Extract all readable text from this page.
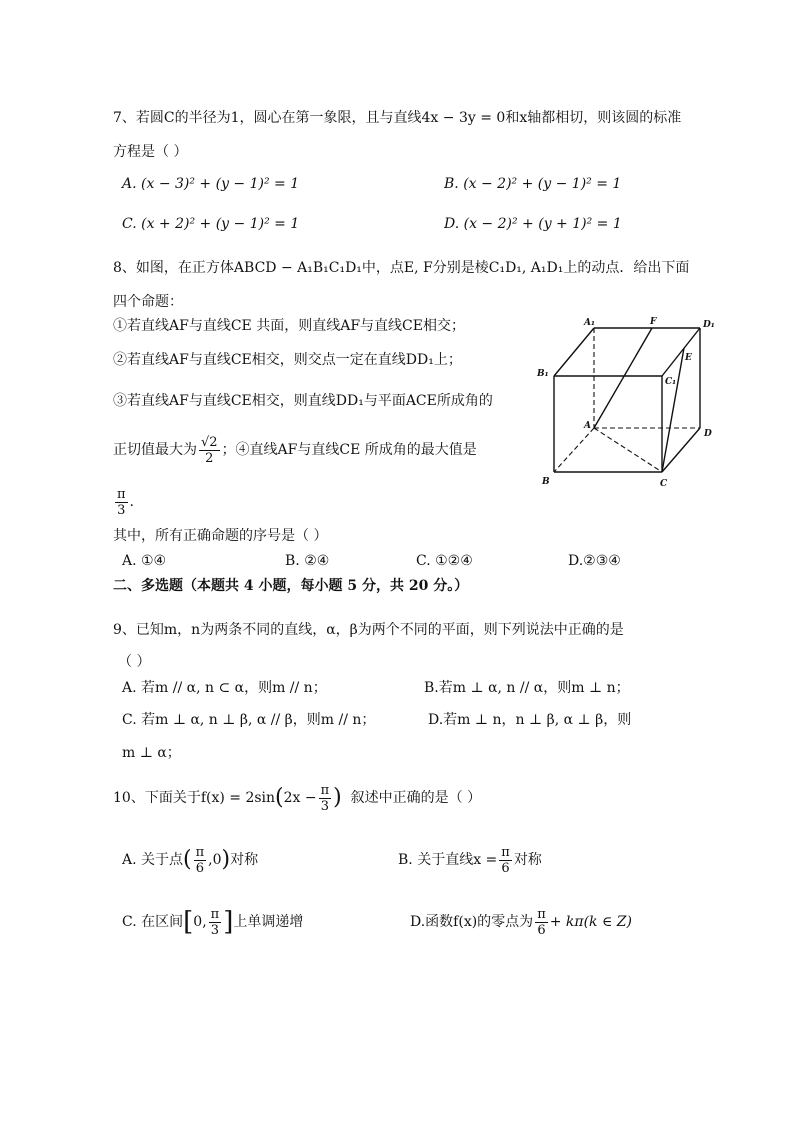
7、若圆C的半径为1，圆心在第一象限，且与直线4x − 3y = 0和x轴都相切，则该圆的标准
方程是（ ）
A. (x − 3)² + (y − 1)² = 1	B. (x − 2)² + (y − 1)² = 1
C. (x + 2)² + (y − 1)² = 1	D. (x − 2)² + (y + 1)² = 1
8、如图，在正方体ABCD − A₁B₁C₁D₁中，点E, F分别是棱C₁D₁, A₁D₁上的动点．给出下面
四个命题：
①若直线AF与直线CE 共面，则直线AF与直线CE相交；
②若直线AF与直线CE相交，则交点一定在直线DD₁上；
③若直线AF与直线CE相交，则直线DD₁与平面ACE所成角的
正切值最大为 $\frac{√2}{2}$ ；④直线AF与直线CE 所成角的最大值是
$\frac{\pi}{3}$ .
其中，所有正确命题的序号是（ ）
A. ①④	B. ②④	C. ①②④	D.②③④
A₁	F	D₁
E
B₁
C₁
A
D
B	C
二、多选题（本题共 4 小题，每小题 5 分，共 20 分。）
9、已知m，n为两条不同的直线，α，β为两个不同的平面，则下列说法中正确的是
（ ）
A. 若m // α, n ⊂ α，则m // n；	B.若m ⊥ α, n // α，则m ⊥ n；
C. 若m ⊥ α, n ⊥ β, α // β，则m // n；	D.若m ⊥ n，n ⊥ β, α ⊥ β，则
m ⊥ α；
10、下面关于$f(x) = 2\sin(2x - \frac{\pi}{3}$ ) 叙述中正确的是（ ）
A. 关于点( $\frac{\pi}{6} ,0$)对称	B. 关于直线$x = \frac{\pi}{6}$ 对称
C. 在区间[0, $\frac{\pi}{3}$ ]上单调递增	D.函数f(x)的零点为 $\frac{\pi}{6} + k\pi(k$ ∈ Z)
